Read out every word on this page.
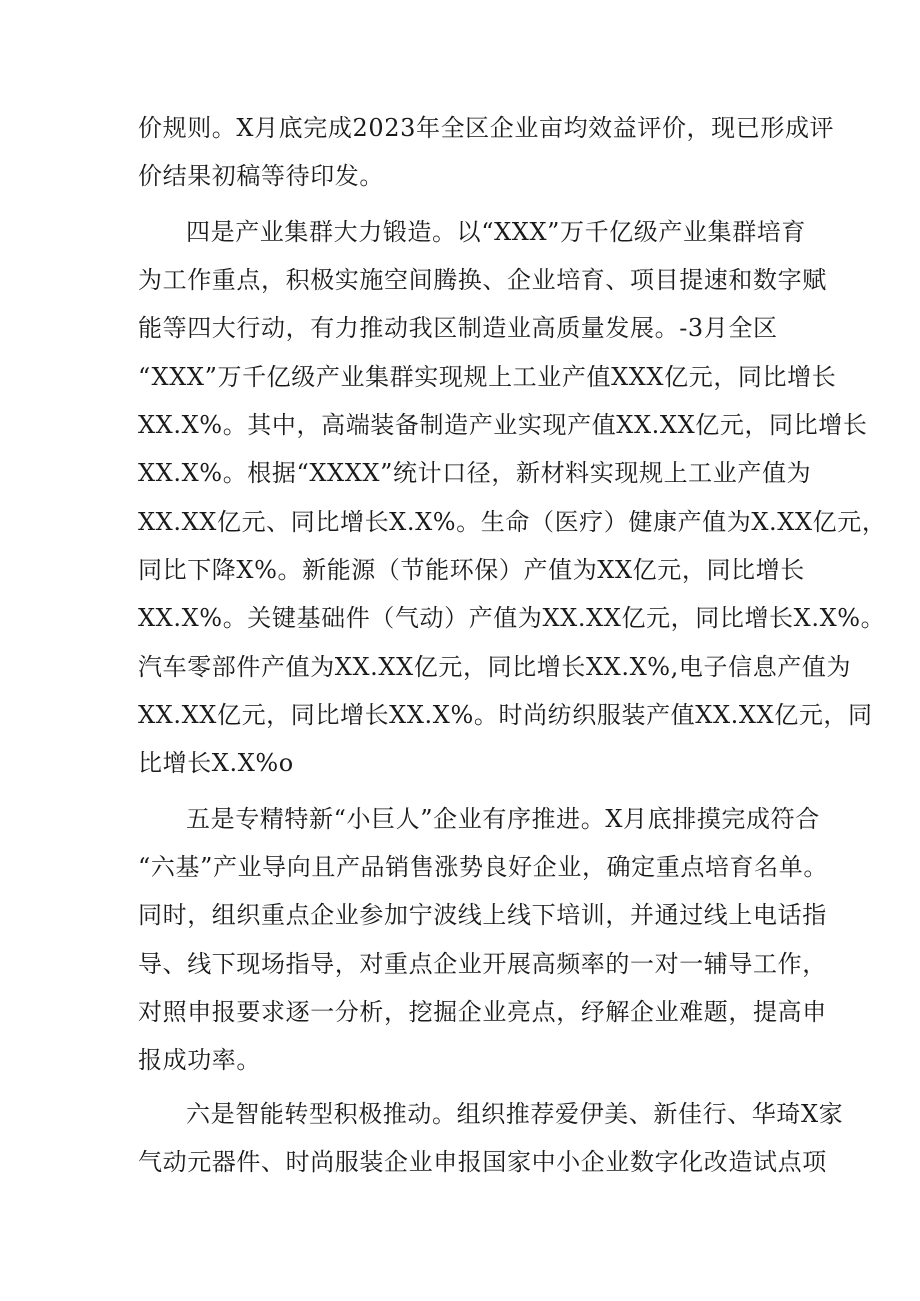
价规则。X月底完成2023年全区企业亩均效益评价，现已形成评
价结果初稿等待印发。
四是产业集群大力锻造。以“XXX”万千亿级产业集群培育
为工作重点，积极实施空间腾换、企业培育、项目提速和数字赋
能等四大行动，有力推动我区制造业高质量发展。-3月全区
“XXX”万千亿级产业集群实现规上工业产值XXX亿元，同比增长
XX.X%。其中，高端装备制造产业实现产值XX.XX亿元，同比增长
XX.X%。根据“XXXX”统计口径，新材料实现规上工业产值为
XX.XX亿元、同比增长X.X%。生命（医疗）健康产值为X.XX亿元，
同比下降X%。新能源（节能环保）产值为XX亿元，同比增长
XX.X%。关键基础件（气动）产值为XX.XX亿元，同比增长X.X%。
汽车零部件产值为XX.XX亿元，同比增长XX.X%,电子信息产值为
XX.XX亿元，同比增长XX.X%。时尚纺织服装产值XX.XX亿元，同
比增长X.X%o
五是专精特新“小巨人”企业有序推进。X月底排摸完成符合
“六基”产业导向且产品销售涨势良好企业，确定重点培育名单。
同时，组织重点企业参加宁波线上线下培训，并通过线上电话指
导、线下现场指导，对重点企业开展高频率的一对一辅导工作，
对照申报要求逐一分析，挖掘企业亮点，纾解企业难题，提高申
报成功率。
六是智能转型积极推动。组织推荐爱伊美、新佳行、华琦X家
气动元器件、时尚服装企业申报国家中小企业数字化改造试点项
